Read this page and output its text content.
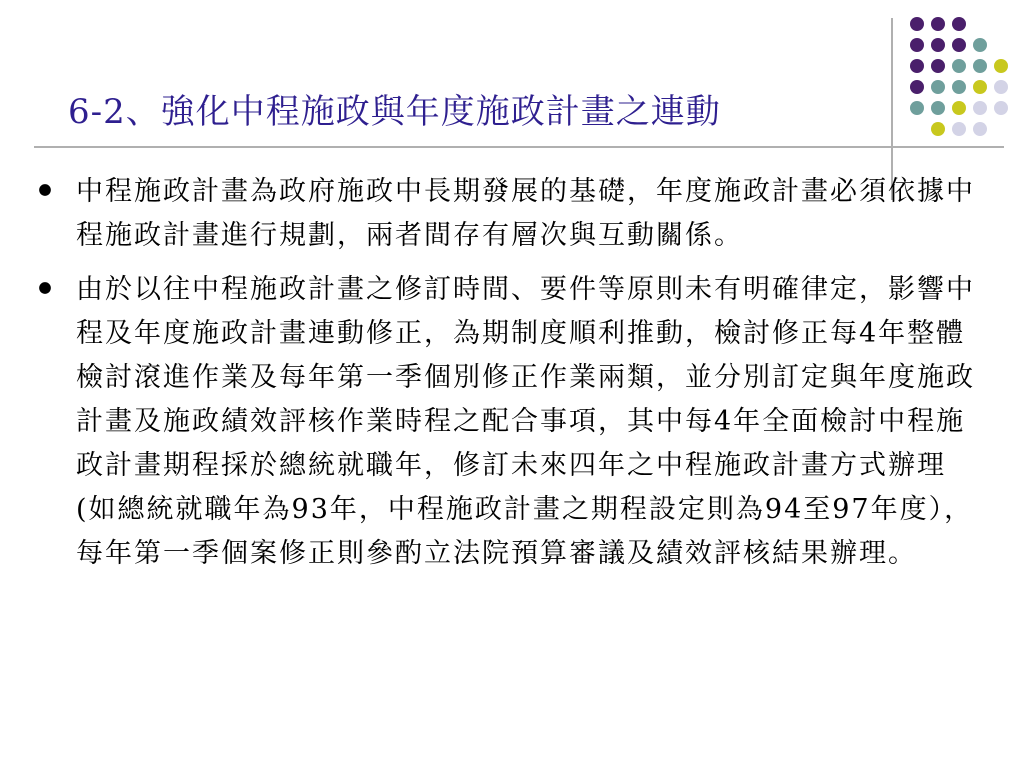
6-2、強化中程施政與年度施政計畫之連動
中程施政計畫為政府施政中長期發展的基礎，年度施政計畫必須依據中程施政計畫進行規劃，兩者間存有層次與互動關係。
由於以往中程施政計畫之修訂時間、要件等原則未有明確律定，影響中程及年度施政計畫連動修正，為期制度順利推動，檢討修正每4年整體檢討滾進作業及每年第一季個別修正作業兩類，並分別訂定與年度施政計畫及施政績效評核作業時程之配合事項，其中每4年全面檢討中程施政計畫期程採於總統就職年，修訂未來四年之中程施政計畫方式辦理(如總統就職年為93年，中程施政計畫之期程設定則為94至97年度），每年第一季個案修正則參酌立法院預算審議及績效評核結果辦理。
